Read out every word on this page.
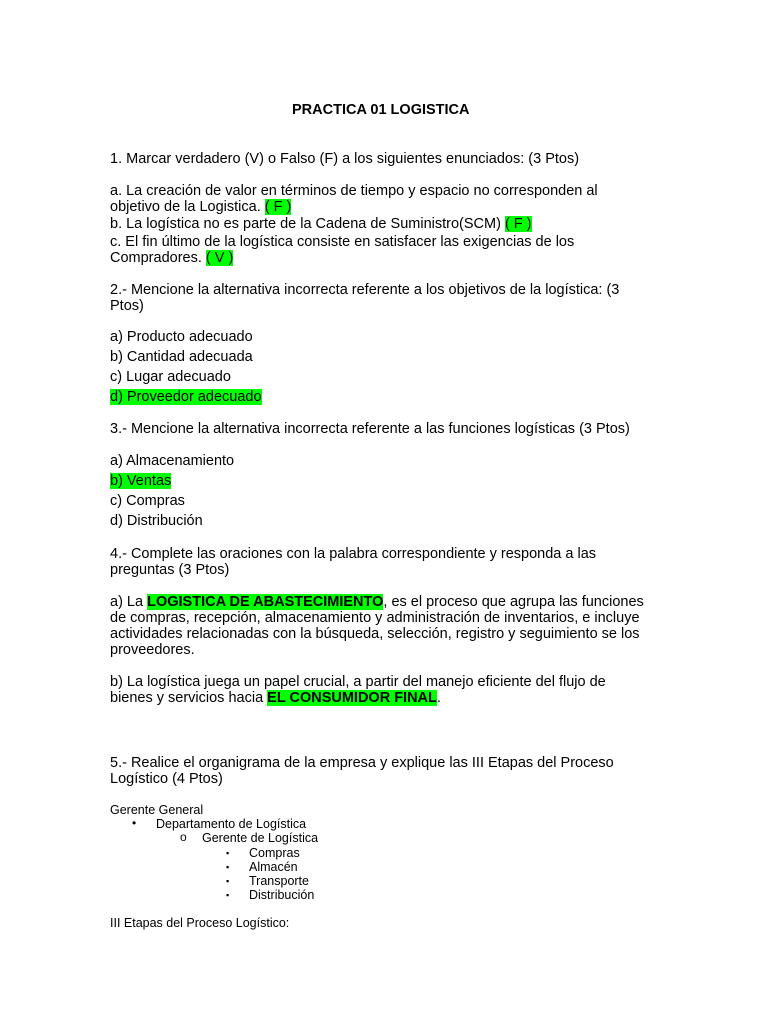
PRACTICA 01 LOGISTICA

1. Marcar verdadero (V) o Falso (F) a los siguientes enunciados: (3 Ptos)

a. La creación de valor en términos de tiempo y espacio no corresponden al

objetivo de la Logistica. ( F )

b. La logística no es parte de la Cadena de Suministro(SCM) ( F )

c. El fin último de la logística consiste en satisfacer las exigencias de los

Compradores. ( V )

2.- Mencione la alternativa incorrecta referente a los objetivos de la logística: (3

Ptos)

a) Producto adecuado

b) Cantidad adecuada

c) Lugar adecuado

d) Proveedor adecuado

3.- Mencione la alternativa incorrecta referente a las funciones logísticas (3 Ptos)

a) Almacenamiento

b) Ventas

c) Compras

d) Distribución

4.- Complete las oraciones con la palabra correspondiente y responda a las

preguntas (3 Ptos)

a) La LOGISTICA DE ABASTECIMIENTO, es el proceso que agrupa las funciones

de compras, recepción, almacenamiento y administración de inventarios, e incluye

actividades relacionadas con la búsqueda, selección, registro y seguimiento se los

proveedores.

b) La logística juega un papel crucial, a partir del manejo eficiente del flujo de

bienes y servicios hacia EL CONSUMIDOR FINAL.

5.- Realice el organigrama de la empresa y explique las III Etapas del Proceso

Logístico (4 Ptos)

Gerente General

• Departamento de Logística

o Gerente de Logística

▪ Compras

▪ Almacén

▪ Transporte

▪ Distribución

III Etapas del Proceso Logístico:
